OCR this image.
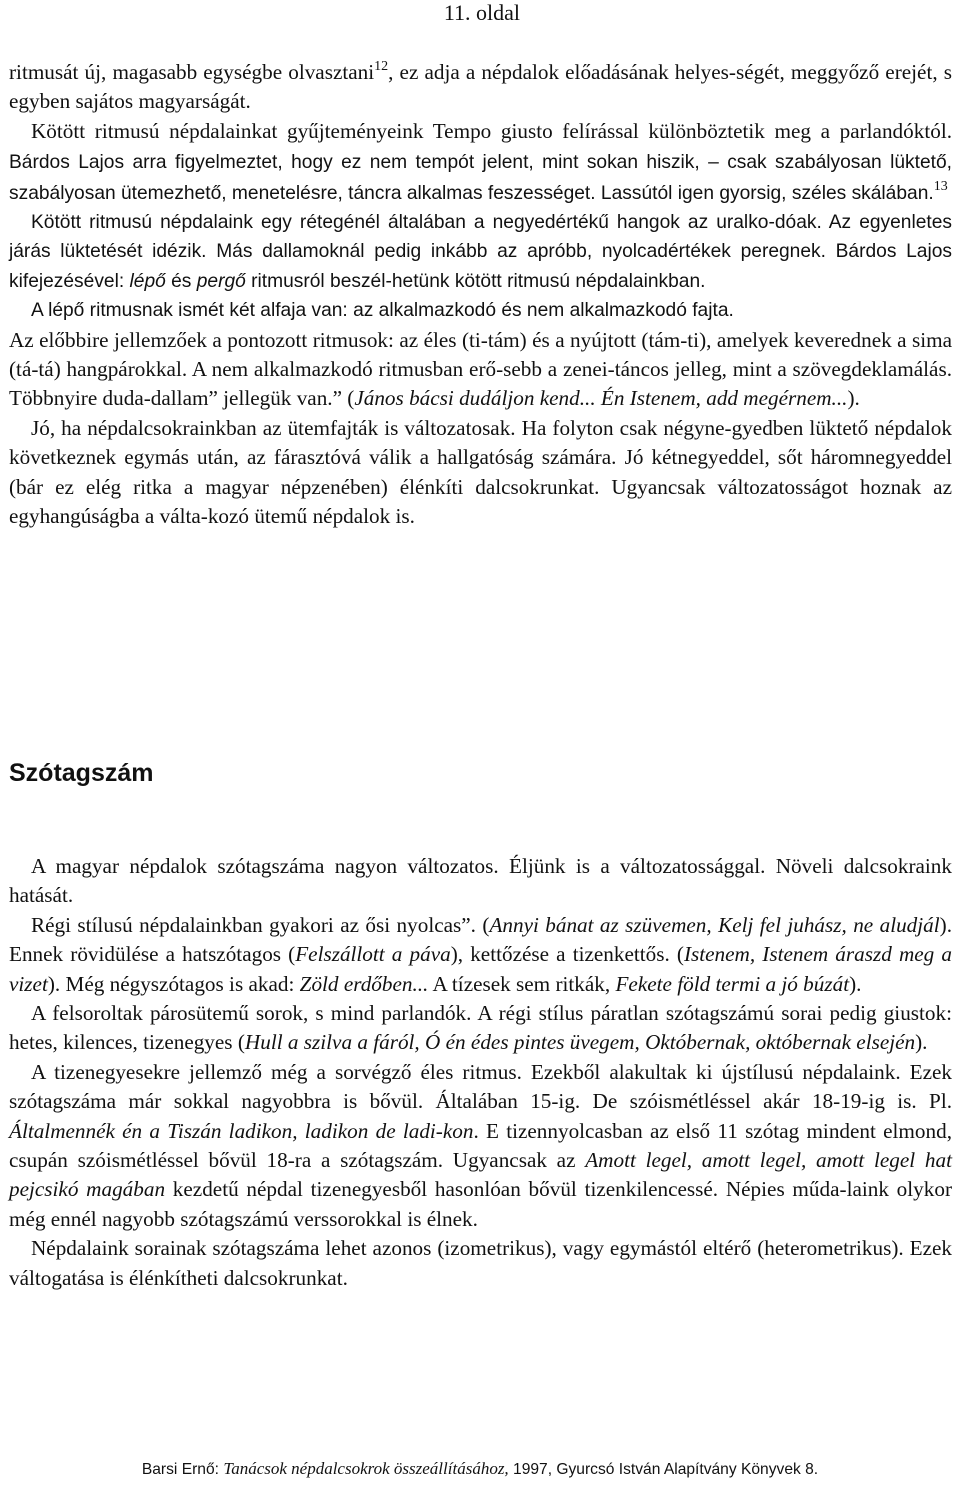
11. oldal

ritmusát új, magasabb egységbe olvasztani$^{12}$, ez adja a népdalok előadásának helyes-ségét, meggyőző erejét, s egyben sajátos magyarságát.

Kötött ritmusú népdalainkat gyűjteményeink Tempo giusto felírással különböztetik meg a parlandóktól. Bárdos Lajos arra figyelmeztet, hogy ez nem tempót jelent, mint sokan hiszik, – csak szabályosan lüktető, szabályosan ütemezhető, menetelésre, táncra alkalmas feszességet. Lassútól igen gyorsig, széles skálában.$^{13}$

Kötött ritmusú népdalaink egy rétegénél általában a negyedértékű hangok az uralko-dóak. Az egyenletes járás lüktetését idézik. Más dallamoknál pedig inkább az apróbb, nyolcadértékek peregnek. Bárdos Lajos kifejezésével: lépő és pergő ritmusról beszél-hetünk kötött ritmusú népdalainkban.

A lépő ritmusnak ismét két alfaja van: az alkalmazkodó és nem alkalmazkodó fajta.

Az előbbire jellemzőek a pontozott ritmusok: az éles (ti-tám) és a nyújtott (tám-ti), amelyek keverednek a sima (tá-tá) hangpárokkal. A nem alkalmazkodó ritmusban erő-sebb a zenei-táncos jelleg, mint a szövegdeklamálás. Többnyire duda-dallam” jellegük van.” (János bácsi dudáljon kend... Én Istenem, add megérnem...).

Jó, ha népdalcsokrainkban az ütemfajták is változatosak. Ha folyton csak négyne-gyedben lüktető népdalok következnek egymás után, az fárasztóvá válik a hallgatóság számára. Jó kétnegyeddel, sőt háromnegyeddel (bár ez elég ritka a magyar népzenében) élénkíti dalcsokrunkat. Ugyancsak változatosságot hoznak az egyhangúságba a válta-kozó ütemű népdalok is.

Szótagszám

A magyar népdalok szótagszáma nagyon változatos. Éljünk is a változatossággal. Növeli dalcsokraink hatását.

Régi stílusú népdalainkban gyakori az ősi nyolcas”. (Annyi bánat az szüvemen, Kelj fel juhász, ne aludjál). Ennek rövidülése a hatszótagos (Felszállott a páva), kettőzése a tizenkettős. (Istenem, Istenem áraszd meg a vizet). Még négyszótagos is akad: Zöld erdőben... A tízesek sem ritkák, Fekete föld termi a jó búzát).

A felsoroltak párosütemű sorok, s mind parlandók. A régi stílus páratlan szótagszámú sorai pedig giustok: hetes, kilences, tizenegyes (Hull a szilva a fáról, Ó én édes pintes üvegem, Októbernak, októbernak elsején).

A tizenegyesekre jellemző még a sorvégző éles ritmus. Ezekből alakultak ki újstílusú népdalaink. Ezek szótagszáma már sokkal nagyobbra is bővül. Általában 15-ig. De szóismétléssel akár 18-19-ig is. Pl. Általmennék én a Tiszán ladikon, ladikon de ladi-kon. E tizennyolcasban az első 11 szótag mindent elmond, csupán szóismétléssel bővül 18-ra a szótagszám. Ugyancsak az Amott legel, amott legel, amott legel hat pejcsikó magában kezdetű népdal tizenegyesből hasonlóan bővül tizenkilencessé. Népies műda-laink olykor még ennél nagyobb szótagszámú verssorokkal is élnek.

Népdalaink sorainak szótagszáma lehet azonos (izometrikus), vagy egymástól eltérő (heterometrikus). Ezek váltogatása is élénkítheti dalcsokrunkat.

Barsi Ernő: Tanácsok népdalcsokrok összeállításához, 1997, Gyurcsó István Alapítvány Könyvek 8.
